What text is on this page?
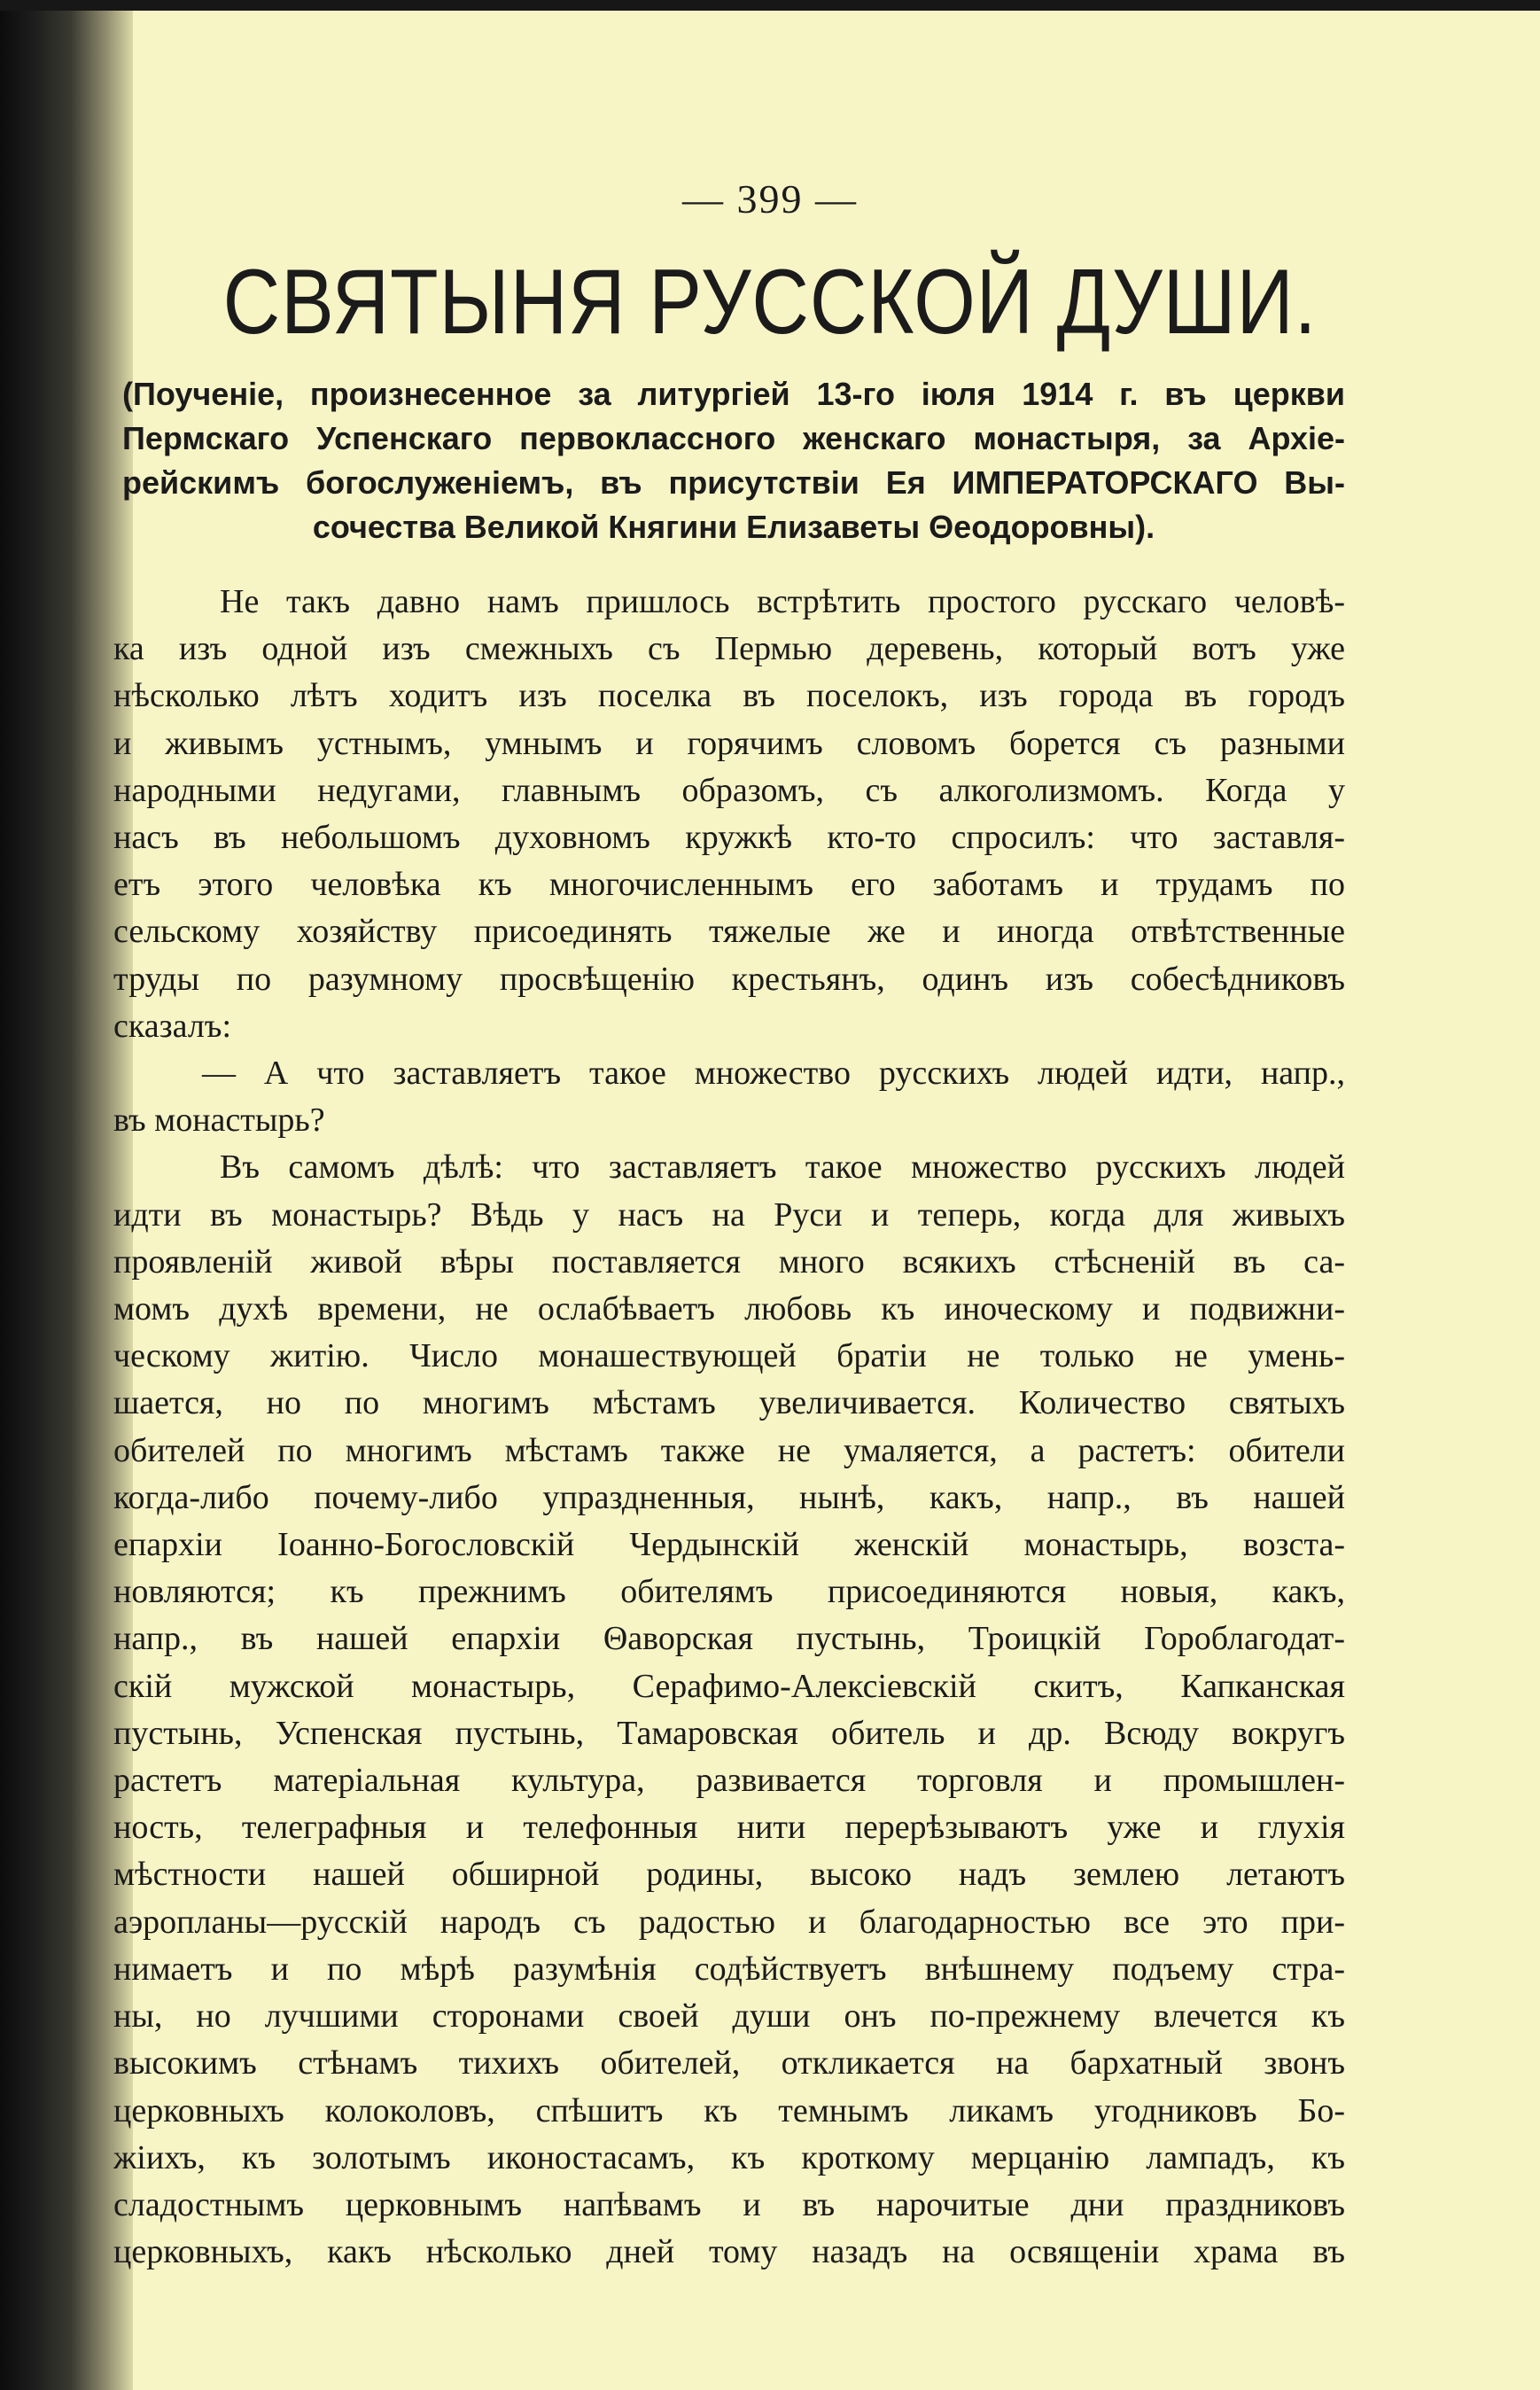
— 399 —
СВЯТЫНЯ РУССКОЙ ДУШИ.
(Поученіе, произнесенное за литургіей 13-го іюля 1914 г. въ церкви
Пермскаго Успенскаго первоклассного женскаго монастыря, за Архіе-
рейскимъ богослуженіемъ, въ присутствіи Ея ИМПЕРАТОРСКАГО Вы-
сочества Великой Княгини Елизаветы Θеодоровны).
Не такъ давно намъ пришлось встрѣтить простого русскаго человѣ-
ка изъ одной изъ смежныхъ съ Пермью деревень, который вотъ уже
нѣсколько лѣтъ ходитъ изъ поселка въ поселокъ, изъ города въ городъ
и живымъ устнымъ, умнымъ и горячимъ словомъ борется съ разными
народными недугами, главнымъ образомъ, съ алкоголизмомъ. Когда у
насъ въ небольшомъ духовномъ кружкѣ кто-то спросилъ: что заставля-
етъ этого человѣка къ многочисленнымъ его заботамъ и трудамъ по
сельскому хозяйству присоединять тяжелые же и иногда отвѣтственные
труды по разумному просвѣщенію крестьянъ, одинъ изъ собесѣдниковъ
сказалъ:
— А что заставляетъ такое множество русскихъ людей идти, напр.,
въ монастырь?
Въ самомъ дѣлѣ: что заставляетъ такое множество русскихъ людей
идти въ монастырь? Вѣдь у насъ на Руси и теперь, когда для живыхъ
проявленій живой вѣры поставляется много всякихъ стѣсненій въ са-
момъ духѣ времени, не ослабѣваетъ любовь къ иноческому и подвижни-
ческому житію. Число монашествующей братіи не только не умень-
шается, но по многимъ мѣстамъ увеличивается. Количество святыхъ
обителей по многимъ мѣстамъ также не умаляется, а растетъ: обители
когда-либо почему-либо упраздненныя, нынѣ, какъ, напр., въ нашей
епархіи Іоанно-Богословскій Чердынскій женскій монастырь, возста-
новляются; къ прежнимъ обителямъ присоединяются новыя, какъ,
напр., въ нашей епархіи Θаворская пустынь, Троицкій Гороблагодат-
скій мужской монастырь, Серафимо-Алексіевскій скитъ, Капканская
пустынь, Успенская пустынь, Тамаровская обитель и др. Всюду вокругъ
растетъ матеріальная культура, развивается торговля и промышлен-
ность, телеграфныя и телефонныя нити перерѣзываютъ уже и глухія
мѣстности нашей обширной родины, высоко надъ землею летаютъ
аэропланы—русскій народъ съ радостью и благодарностью все это при-
нимаетъ и по мѣрѣ разумѣнія содѣйствуетъ внѣшнему подъему стра-
ны, но лучшими сторонами своей души онъ по-прежнему влечется къ
высокимъ стѣнамъ тихихъ обителей, откликается на бархатный звонъ
церковныхъ колоколовъ, спѣшитъ къ темнымъ ликамъ угодниковъ Бо-
жіихъ, къ золотымъ иконостасамъ, къ кроткому мерцанію лампадъ, къ
сладостнымъ церковнымъ напѣвамъ и въ нарочитые дни праздниковъ
церковныхъ, какъ нѣсколько дней тому назадъ на освященіи храма въ
